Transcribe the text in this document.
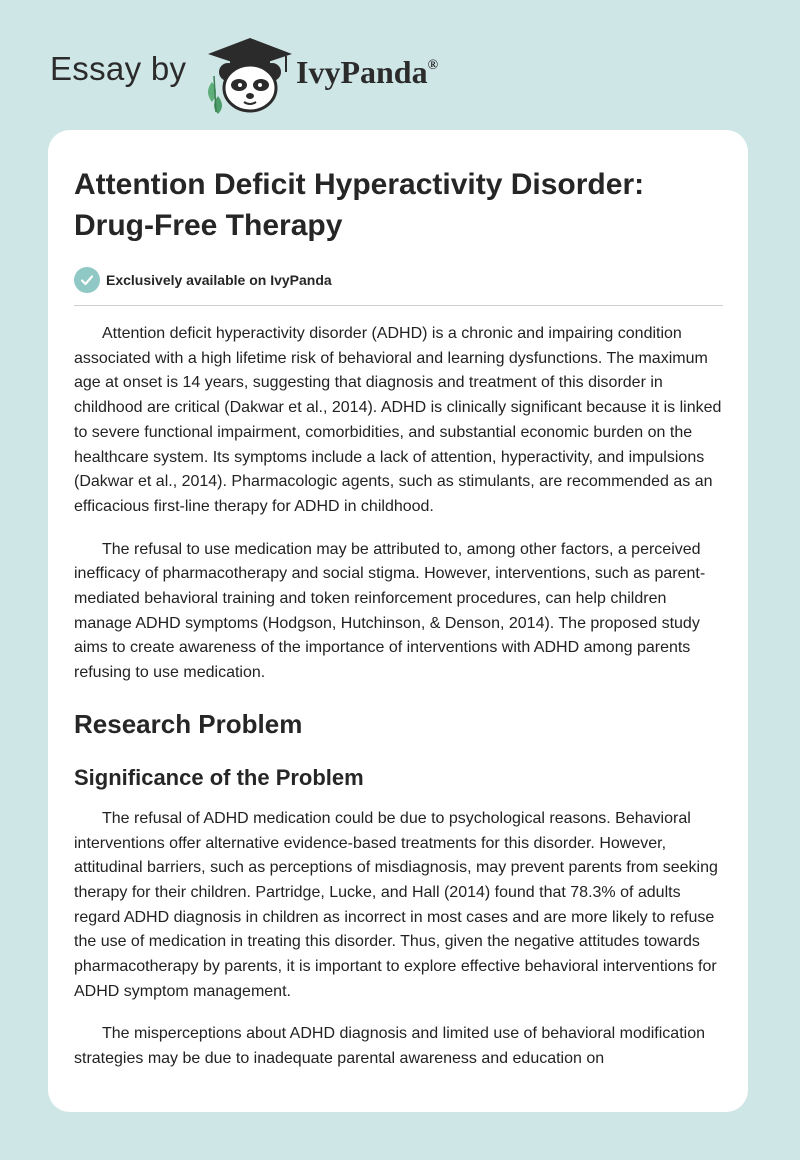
Essay by	IvyPanda®
Attention Deficit Hyperactivity Disorder: Drug-Free Therapy
Exclusively available on IvyPanda

Attention deficit hyperactivity disorder (ADHD) is a chronic and impairing condition associated with a high lifetime risk of behavioral and learning dysfunctions. The maximum age at onset is 14 years, suggesting that diagnosis and treatment of this disorder in childhood are critical (Dakwar et al., 2014). ADHD is clinically significant because it is linked to severe functional impairment, comorbidities, and substantial economic burden on the healthcare system. Its symptoms include a lack of attention, hyperactivity, and impulsions (Dakwar et al., 2014). Pharmacologic agents, such as stimulants, are recommended as an efficacious first-line therapy for ADHD in childhood.

The refusal to use medication may be attributed to, among other factors, a perceived inefficacy of pharmacotherapy and social stigma. However, interventions, such as parent-mediated behavioral training and token reinforcement procedures, can help children manage ADHD symptoms (Hodgson, Hutchinson, & Denson, 2014). The proposed study aims to create awareness of the importance of interventions with ADHD among parents refusing to use medication.

Research Problem
Significance of the Problem

The refusal of ADHD medication could be due to psychological reasons. Behavioral interventions offer alternative evidence-based treatments for this disorder. However, attitudinal barriers, such as perceptions of misdiagnosis, may prevent parents from seeking therapy for their children. Partridge, Lucke, and Hall (2014) found that 78.3% of adults regard ADHD diagnosis in children as incorrect in most cases and are more likely to refuse the use of medication in treating this disorder. Thus, given the negative attitudes towards pharmacotherapy by parents, it is important to explore effective behavioral interventions for ADHD symptom management.

The misperceptions about ADHD diagnosis and limited use of behavioral modification strategies may be due to inadequate parental awareness and education on
